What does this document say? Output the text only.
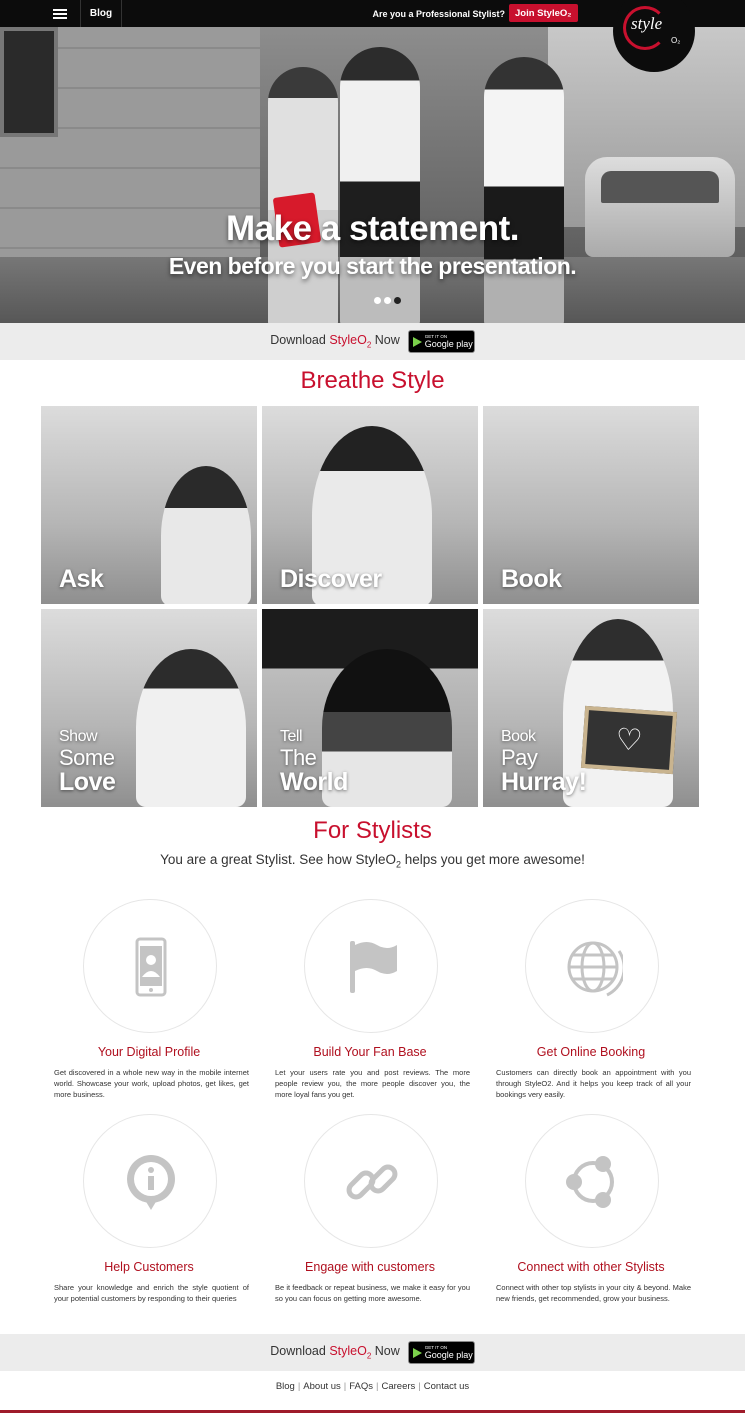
Blog	Are you a Professional Stylist?	Join StyleO₂
style
O₂
Make a statement.
Even before you start the presentation.
Download StyleO$_2$ Now	GET IT ON
Google play
Breathe Style
Ask	Discover	Book
Show
Some
Love
Tell
The
World
♡
Book
Pay
Hurray!
For Stylists
You are a great Stylist. See how StyleO$_2$ helps you get more awesome!
Your Digital Profile

Get discovered in a whole new way in the mobile internet world. Showcase your work, upload photos, get likes, get more business.

Build Your Fan Base

Let your users rate you and post reviews. The more people review you, the more people discover you, the more loyal fans you get.

Get Online Booking

Customers can directly book an appointment with you through StyleO2. And it helps you keep track of all your bookings very easily.

Help Customers

Share your knowledge and enrich the style quotient of your potential customers by responding to their queries

Engage with customers

Be it feedback or repeat business, we make it easy for you so you can focus on getting more awesome.

Connect with other Stylists

Connect with other top stylists in your city & beyond. Make new friends, get recommended, grow your business.

Download StyleO$_2$ Now	GET IT ON
Google play
Blog | About us | FAQs | Careers | Contact us
